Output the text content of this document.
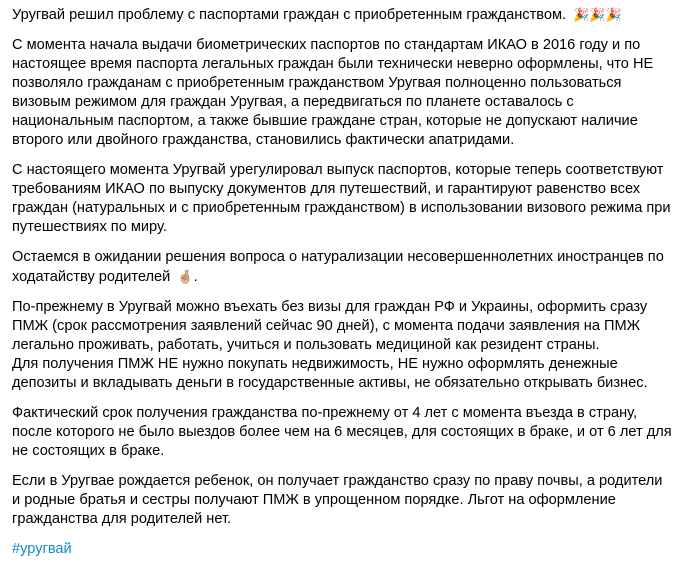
Уругвай решил проблему с паспортами граждан с приобретенным гражданством. 🎉🎉🎉

С момента начала выдачи биометрических паспортов по стандартам ИКАО в 2016 году и по настоящее время паспорта легальных граждан были технически неверно оформлены, что НЕ позволяло гражданам с приобретенным гражданством Уругвая полноценно пользоваться визовым режимом для граждан Уругвая, а передвигаться по планете оставалось с национальным паспортом, а также бывшие граждане стран, которые не допускают наличие второго или двойного гражданства, становились фактически апатридами.

С настоящего момента Уругвай урегулировал выпуск паспортов, которые теперь соответствуют требованиям ИКАО по выпуску документов для путешествий, и гарантируют равенство всех граждан (натуральных и с приобретенным гражданством) в использовании визового режима при путешествиях по миру.

Остаемся в ожидании решения вопроса о натурализации несовершеннолетних иностранцев по ходатайству родителей 🤞🏼.

По-прежнему в Уругвай можно въехать без визы для граждан РФ и Украины, оформить сразу ПМЖ (срок рассмотрения заявлений сейчас 90 дней), с момента подачи заявления на ПМЖ легально проживать, работать, учиться и пользовать медициной как резидент страны.

Для получения ПМЖ НЕ нужно покупать недвижимость, НЕ нужно оформлять денежные депозиты и вкладывать деньги в государственные активы, не обязательно открывать бизнес.

Фактический срок получения гражданства по-прежнему от 4 лет с момента въезда в страну, после которого не было выездов более чем на 6 месяцев, для состоящих в браке, и от 6 лет для не состоящих в браке.

Если в Уругвае рождается ребенок, он получает гражданство сразу по праву почвы, а родители и родные братья и сестры получают ПМЖ в упрощенном порядке. Льгот на оформление гражданства для родителей нет.

#уругвай
